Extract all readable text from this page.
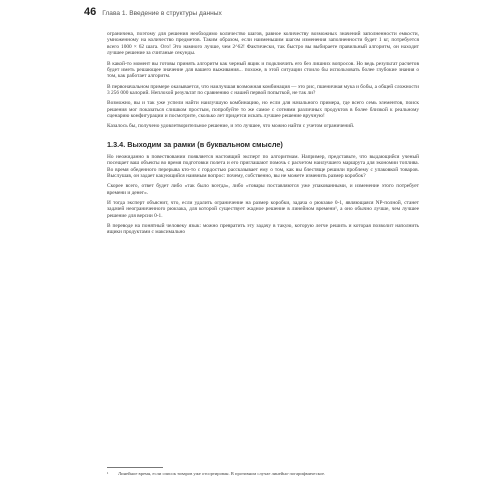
46 Глава 1. Введение в структуры данных

ограничена, поэтому для решения необходимо количество шагов, равное количеству возможных значений заполненности емкости, умноженному на количество предметов. Таким образом, если наименьшим шагом изменения заполненности будет 1 кг, потребуется всего 1000 × 62 шага. Ого! Это намного лучше, чем 2^62! Фактически, так быстро вы выбираете правильный алгоритм, он находит лучшее решение за считаные секунды.

В какой-то момент вы готовы принять алгоритм как черный ящик и подключить его без лишних вопросов. Но ведь результат расчетов будет иметь решающее значение для вашего выживания... похоже, в этой ситуации стоило бы использовать более глубокие знания о том, как работает алгоритм.

В первоначальном примере оказывается, что наилучшая возможная комбинация — это рис, пшеничная мука и бобы, а общей сложности 3 256 000 калорий. Неплохой результат по сравнению с нашей первой попыткой, не так ли?

Возможно, вы и так уже успели найти наилучшую комбинацию, но если для начального примера, где всего семь элементов, поиск решения мог показаться слишком простым, попробуйте то же самое с сотнями различных продуктов в более близкой к реальному сценарию конфигурации и посмотрите, сколько лет придется искать лучшее решение вручную!

Казалось бы, получено удовлетворительное решение, и это лучшее, что можно найти с учетом ограничений.

1.3.4. Выходим за рамки (в буквальном смысле)

Но неожиданно в повествовании появляется настоящий эксперт по алгоритмам. Например, представьте, что выдающийся ученый посещает ваш объекты во время подготовки полета и его приглашают помочь с расчетом наилучшего маршрута для экономии топлива. Во время обеденного перерыва кто-то с гордостью рассказывает ему о том, как вы блестяще решили проблему с упаковкой товаров. Выслушав, он задает какующийся наивным вопрос: почему, собственно, вы не можете изменить размер коробок?

Скорее всего, ответ будет либо «так было всегда», либо «товары поставляются уже упакованными, и изменение этого потребует времени и денег».

И тогда эксперт объяснит, что, если удалить ограничение на размер коробки, задача о рюкзаке 0-1, являющаяся NP-полной, станет задачей неограниченного рюкзака, для которой существует жадное решение в линейном времени¹, а оно обычно лучше, чем лучшее решение для версии 0-1.

В переводе на понятный человеку язык: можно превратить эту задачу в такую, которую легче решить и которая позволит наполнить ящики продуктами с максимально

¹	Линейное время, если список товаров уже отсортирован. В противном случае линейно-логарифмическое.
